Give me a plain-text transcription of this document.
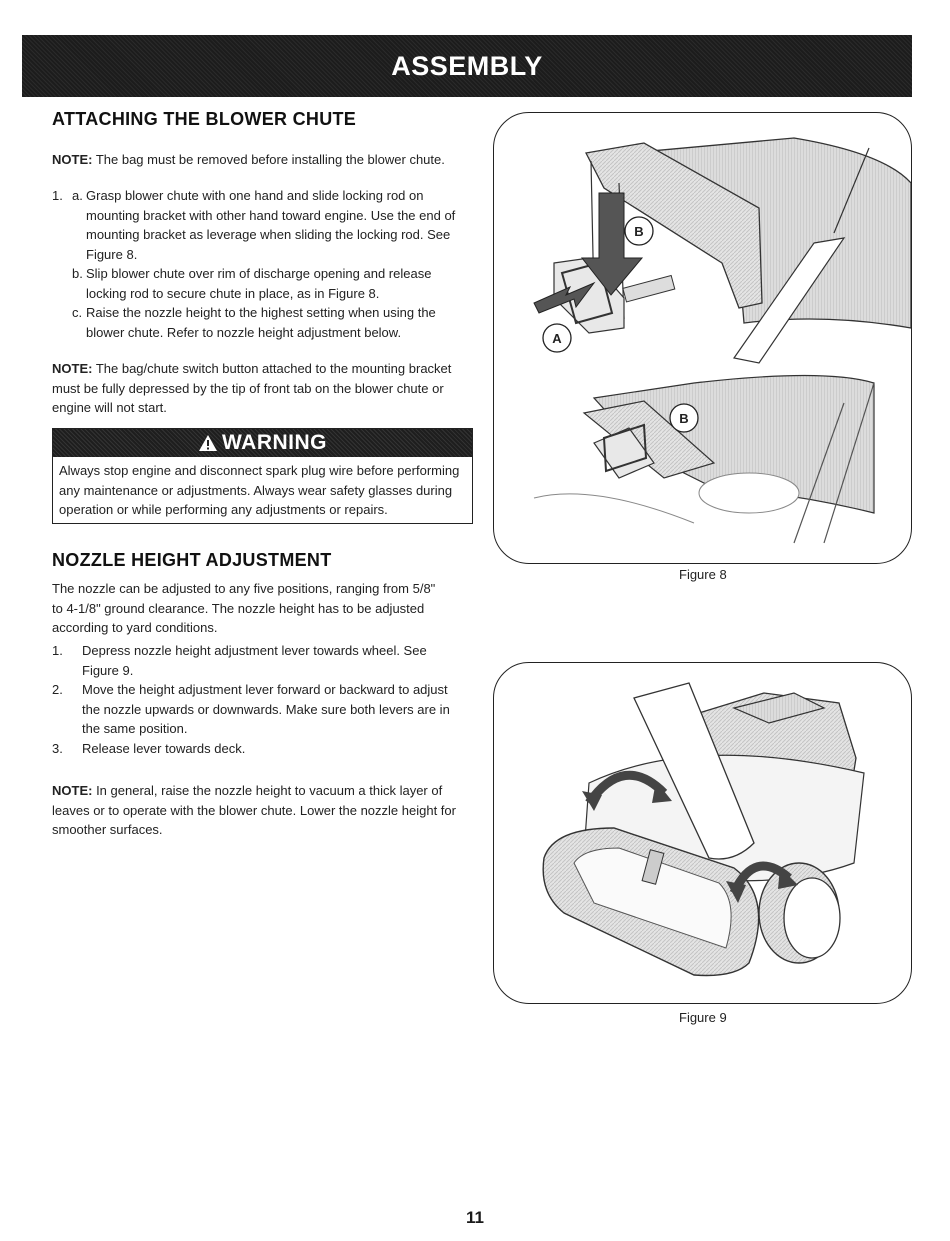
ASSEMBLY
ATTACHING THE BLOWER CHUTE

NOTE: The bag must be removed before installing the blower chute.

1. a. Grasp blower chute with one hand and slide locking rod on
mounting bracket with other hand toward engine. Use the end of
mounting bracket as leverage when sliding the locking rod. See
Figure 8.
b. Slip blower chute over rim of discharge opening and release
locking rod to secure chute in place, as in Figure 8.
c. Raise the nozzle height to the highest setting when using the
blower chute. Refer to nozzle height adjustment below.
NOTE: The bag/chute switch button attached to the mounting bracket
must be fully depressed by the tip of front tab on the blower chute or
engine will not start.
WARNING
Always stop engine and disconnect spark plug wire before performing
any maintenance or adjustments. Always wear safety glasses during
operation or while performing any adjustments or repairs.
NOZZLE HEIGHT ADJUSTMENT
The nozzle can be adjusted to any five positions, ranging from 5/8"
to 4-1/8" ground clearance. The nozzle height has to be adjusted
according to yard conditions.
1. Depress nozzle height adjustment lever towards wheel. See
Figure 9.
2. Move the height adjustment lever forward or backward to adjust
the nozzle upwards or downwards. Make sure both levers are in
the same position.
3. Release lever towards deck.
NOTE: In general, raise the nozzle height to vacuum a thick layer of
leaves or to operate with the blower chute. Lower the nozzle height for
smoother surfaces.
A
B
B
Figure 8
Figure 9
11
